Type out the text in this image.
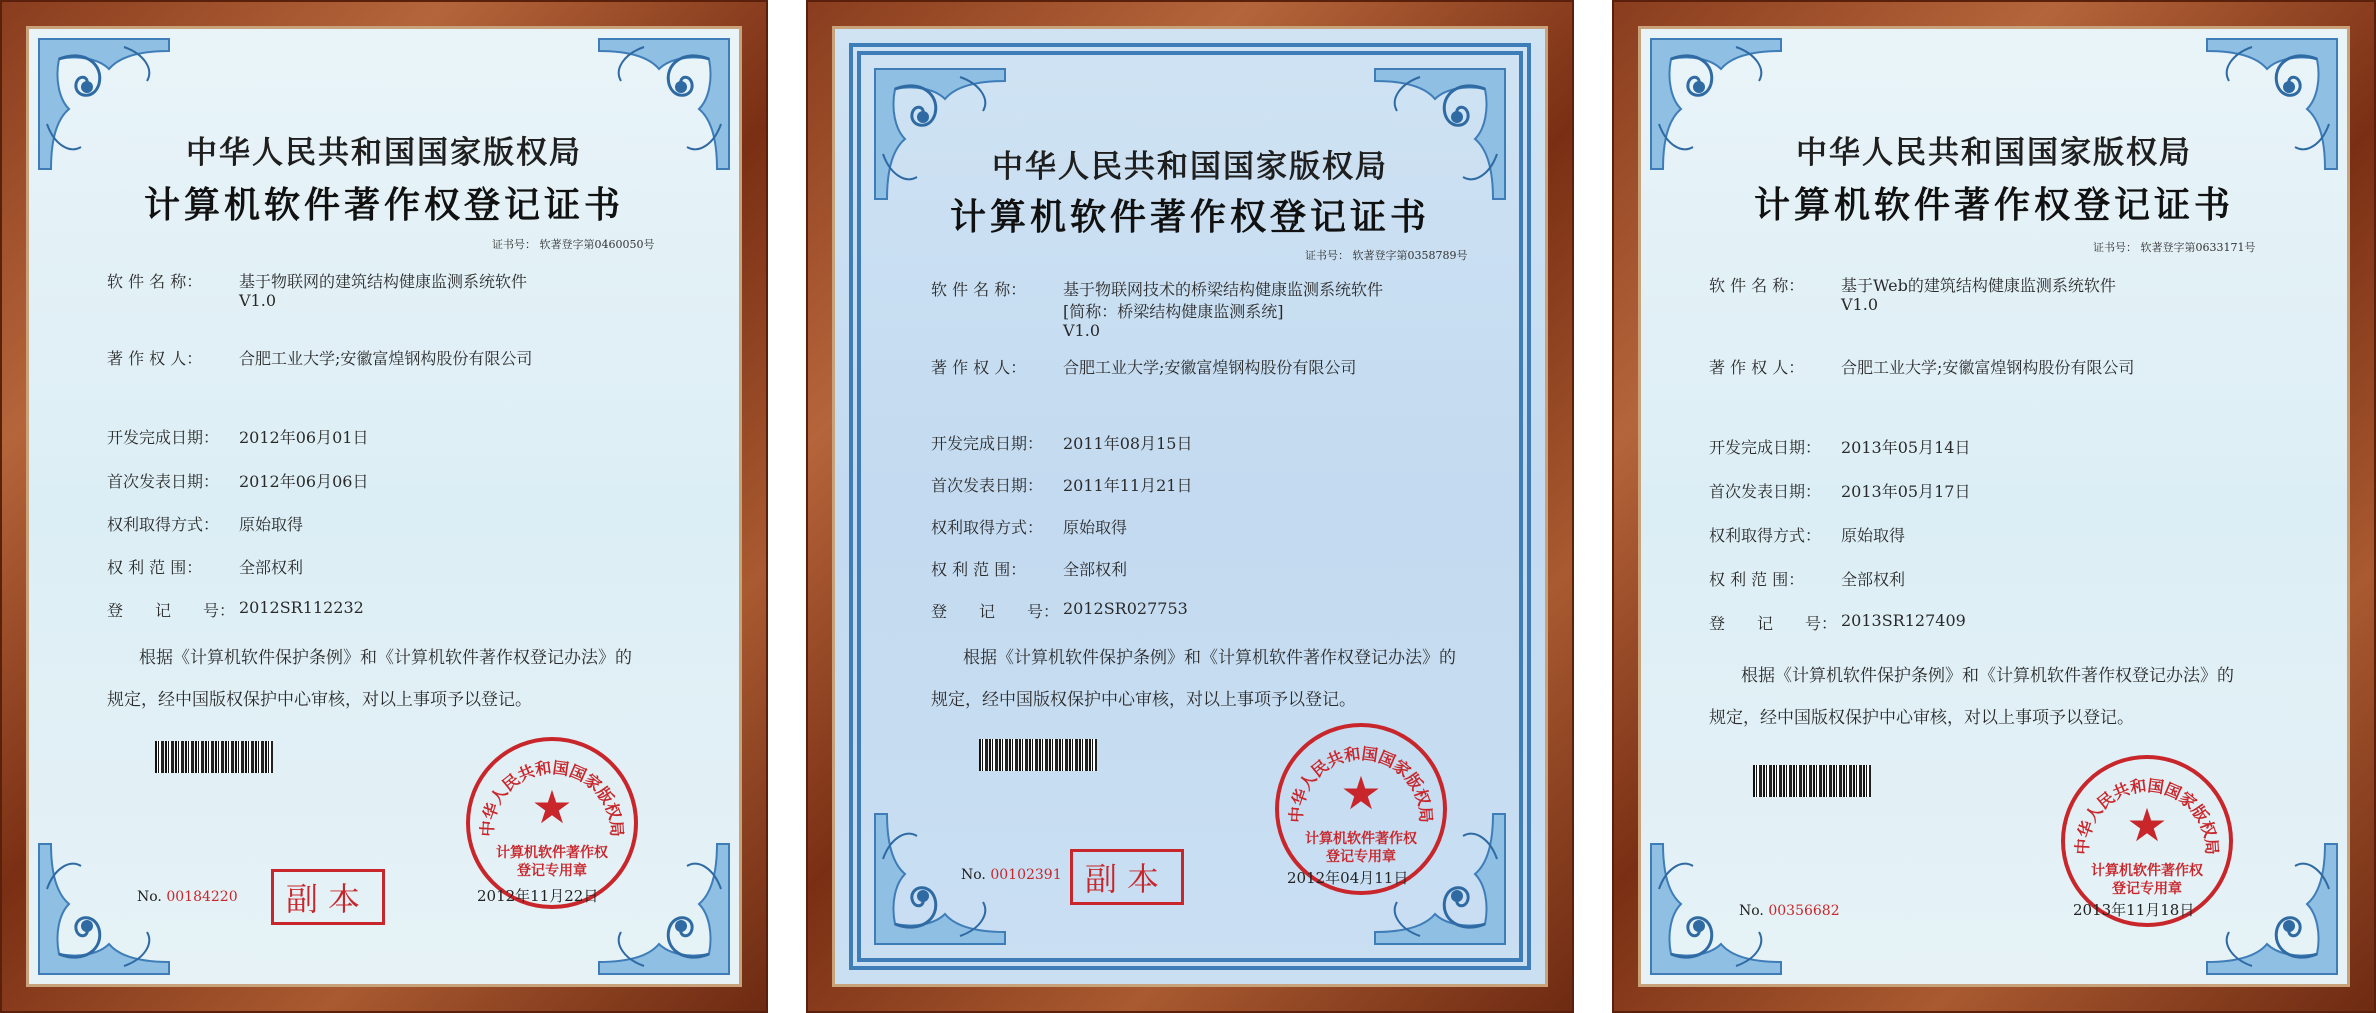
中华人民共和国国家版权局
计算机软件著作权登记证书
证书号： 软著登字第0460050号
软 件 名 称： 基于物联网的建筑结构健康监测系统软件
V1.0
著 作 权 人： 合肥工业大学;安徽富煌钢构股份有限公司
开发完成日期： 2012年06月01日
首次发表日期： 2012年06月06日
权利取得方式： 原始取得
权 利 范 围： 全部权利
登　　记　　号： 2012SR112232
根据《计算机软件保护条例》和《计算机软件著作权登记办法》的
规定，经中国版权保护中心审核，对以上事项予以登记。
中华人民共和国国家版权局
★
计算机软件著作权
登记专用章
副本
No. 00184220	2012年11月22日
中华人民共和国国家版权局
计算机软件著作权登记证书
证书号： 软著登字第0358789号
软 件 名 称： 基于物联网技术的桥梁结构健康监测系统软件
[简称：桥梁结构健康监测系统]
V1.0
著 作 权 人： 合肥工业大学;安徽富煌钢构股份有限公司
开发完成日期： 2011年08月15日
首次发表日期： 2011年11月21日
权利取得方式： 原始取得
权 利 范 围： 全部权利
登　　记　　号： 2012SR027753
根据《计算机软件保护条例》和《计算机软件著作权登记办法》的
规定，经中国版权保护中心审核，对以上事项予以登记。
中华人民共和国国家版权局
★
计算机软件著作权
登记专用章
副本
No. 00102391	2012年04月11日
中华人民共和国国家版权局
计算机软件著作权登记证书
证书号： 软著登字第0633171号
软 件 名 称： 基于Web的建筑结构健康监测系统软件
V1.0
著 作 权 人： 合肥工业大学;安徽富煌钢构股份有限公司
开发完成日期： 2013年05月14日
首次发表日期： 2013年05月17日
权利取得方式： 原始取得
权 利 范 围： 全部权利
登　　记　　号： 2013SR127409
根据《计算机软件保护条例》和《计算机软件著作权登记办法》的
规定，经中国版权保护中心审核，对以上事项予以登记。
中华人民共和国国家版权局
★
计算机软件著作权
登记专用章
No. 00356682	2013年11月18日
